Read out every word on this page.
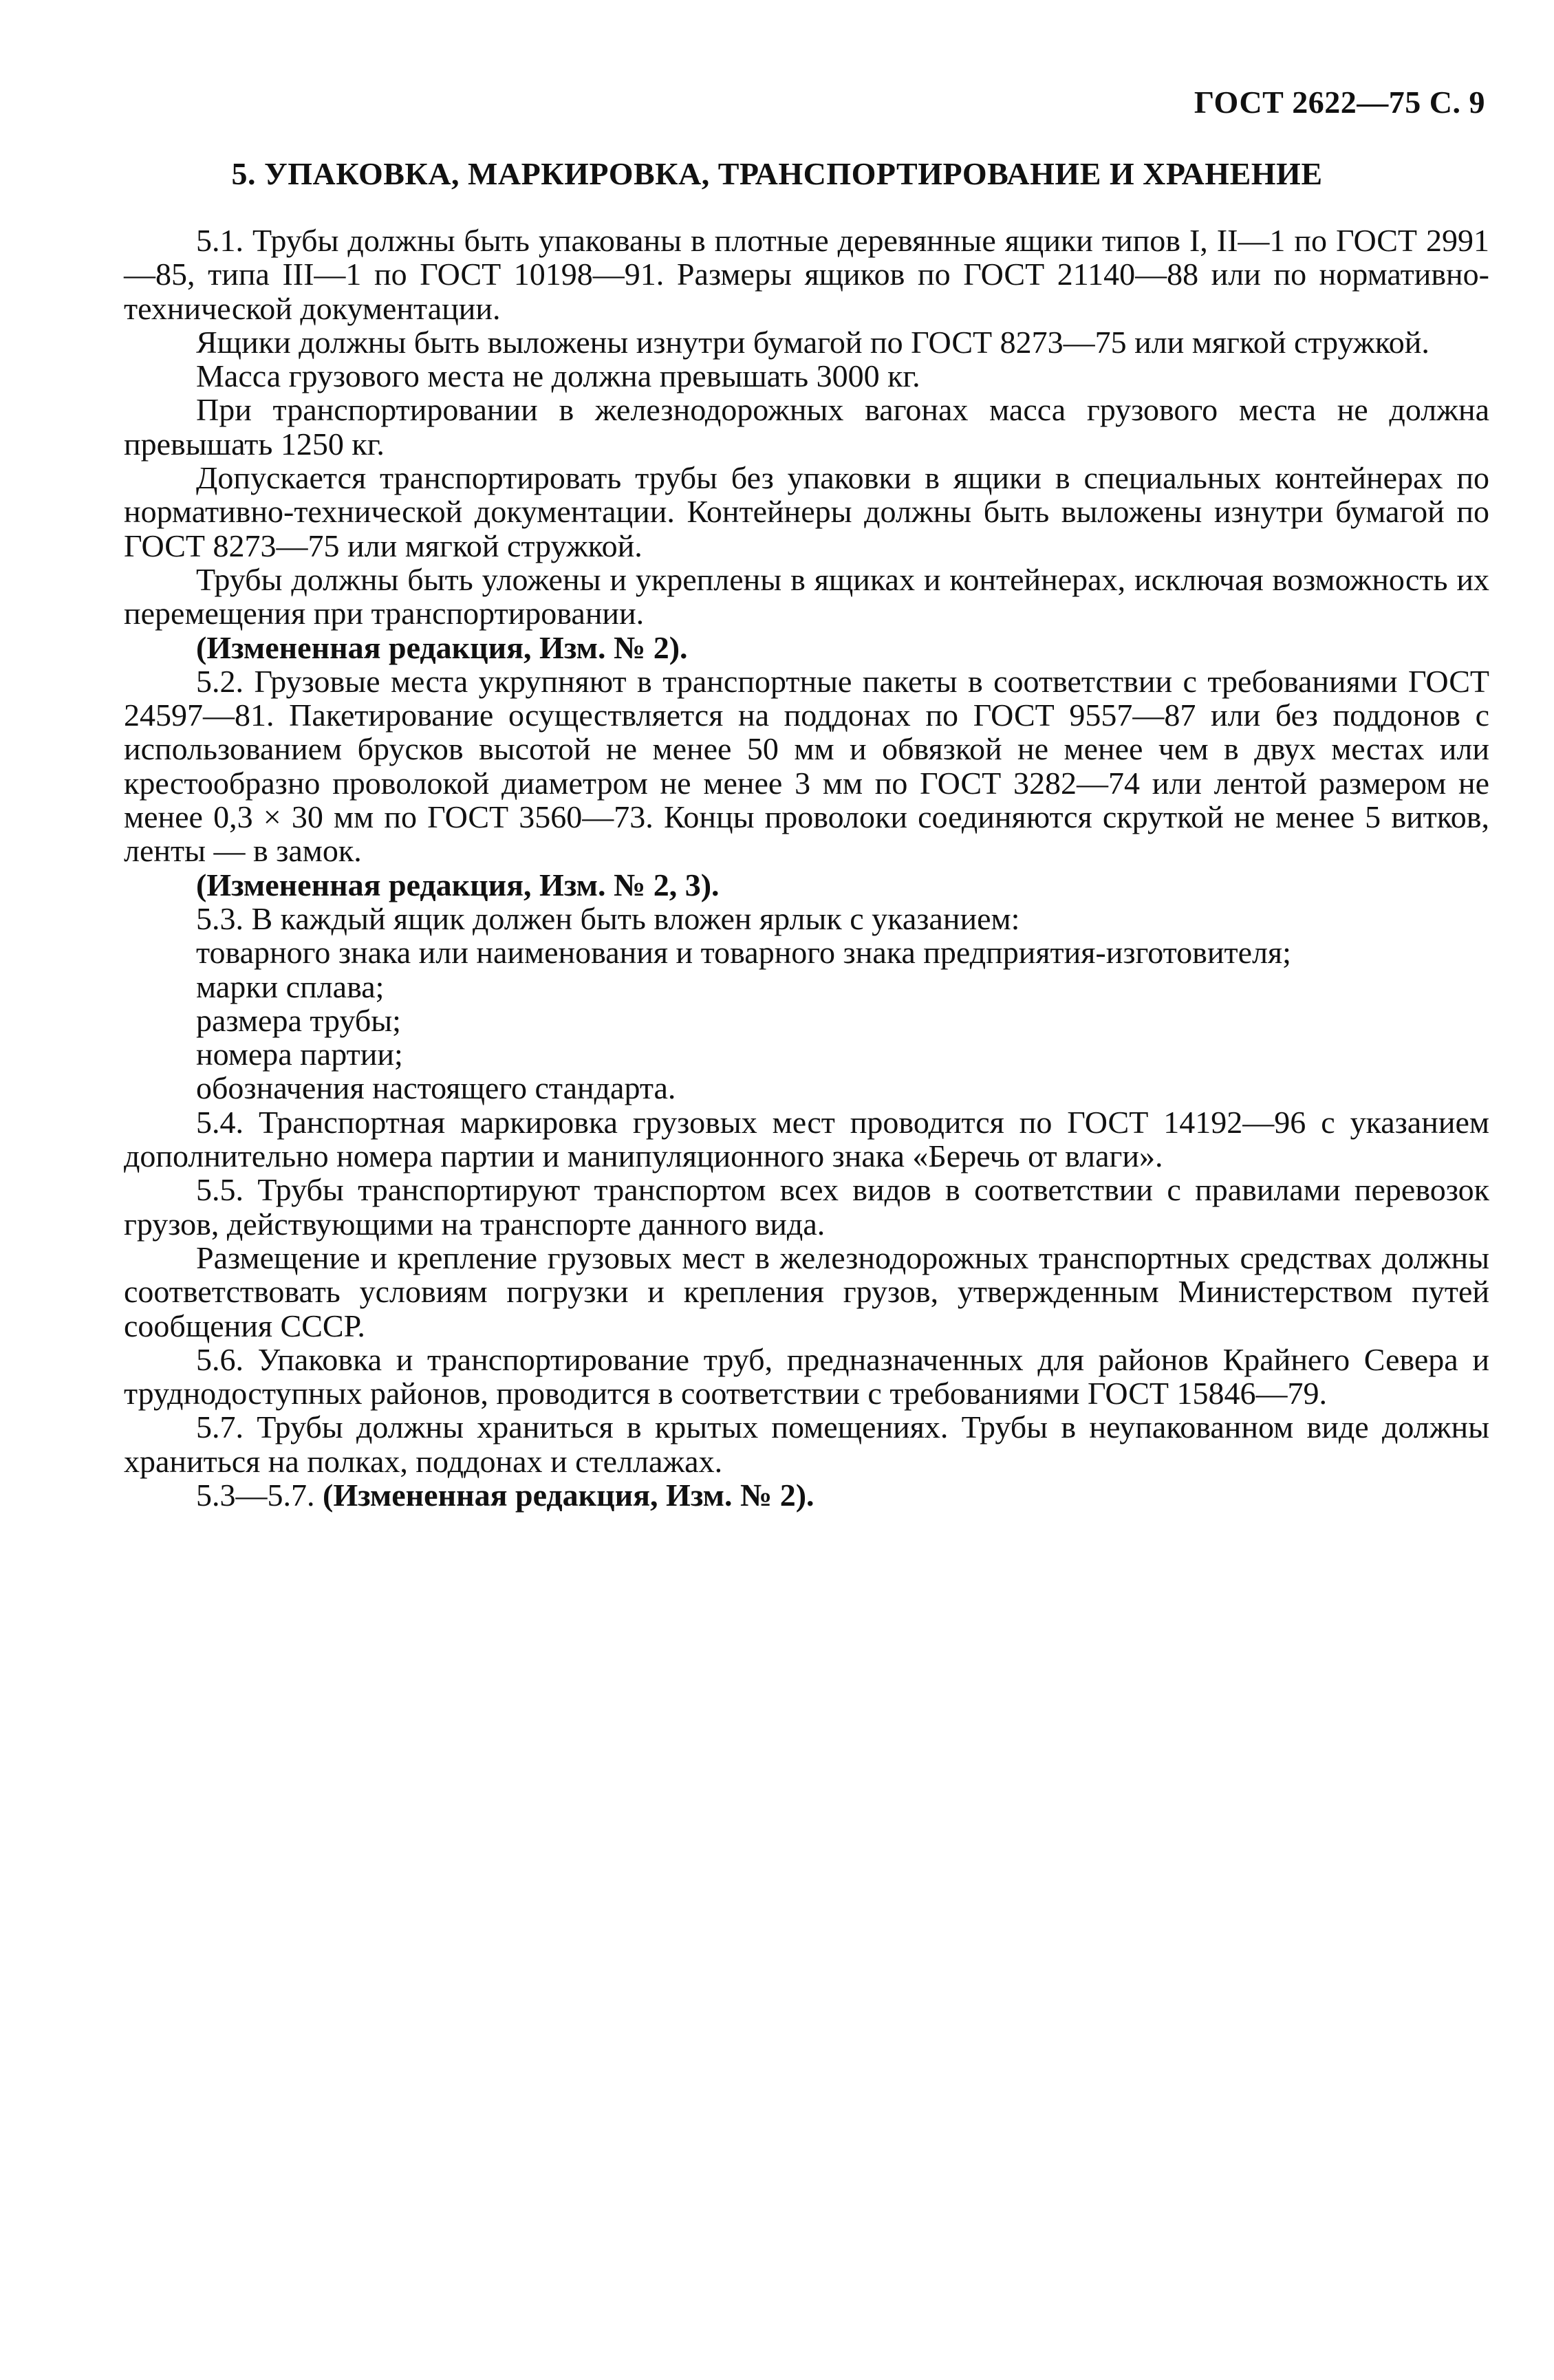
ГОСТ 2622—75 С. 9
5. УПАКОВКА, МАРКИРОВКА, ТРАНСПОРТИРОВАНИЕ И ХРАНЕНИЕ

5.1. Трубы должны быть упакованы в плотные деревянные ящики типов I, II—1 по ГОСТ 2991—85, типа III—1 по ГОСТ 10198—91. Размеры ящиков по ГОСТ 21140—88 или по нормативно-технической документации.

Ящики должны быть выложены изнутри бумагой по ГОСТ 8273—75 или мягкой стружкой.

Масса грузового места не должна превышать 3000 кг.

При транспортировании в железнодорожных вагонах масса грузового места не должна превышать 1250 кг.

Допускается транспортировать трубы без упаковки в ящики в специальных контейнерах по нормативно-технической документации. Контейнеры должны быть выложены изнутри бумагой по ГОСТ 8273—75 или мягкой стружкой.

Трубы должны быть уложены и укреплены в ящиках и контейнерах, исключая возможность их перемещения при транспортировании.

(Измененная редакция, Изм. № 2).

5.2. Грузовые места укрупняют в транспортные пакеты в соответствии с требованиями ГОСТ 24597—81. Пакетирование осуществляется на поддонах по ГОСТ 9557—87 или без поддонов с использованием брусков высотой не менее 50 мм и обвязкой не менее чем в двух местах или крестообразно проволокой диаметром не менее 3 мм по ГОСТ 3282—74 или лентой размером не менее 0,3 × 30 мм по ГОСТ 3560—73. Концы проволоки соединяются скруткой не менее 5 витков, ленты — в замок.

(Измененная редакция, Изм. № 2, 3).

5.3. В каждый ящик должен быть вложен ярлык с указанием:

товарного знака или наименования и товарного знака предприятия-изготовителя;

марки сплава;

размера трубы;

номера партии;

обозначения настоящего стандарта.

5.4. Транспортная маркировка грузовых мест проводится по ГОСТ 14192—96 с указанием дополнительно номера партии и манипуляционного знака «Беречь от влаги».

5.5. Трубы транспортируют транспортом всех видов в соответствии с правилами перевозок грузов, действующими на транспорте данного вида.

Размещение и крепление грузовых мест в железнодорожных транспортных средствах должны соответствовать условиям погрузки и крепления грузов, утвержденным Министерством путей сообщения СССР.

5.6. Упаковка и транспортирование труб, предназначенных для районов Крайнего Севера и труднодоступных районов, проводится в соответствии с требованиями ГОСТ 15846—79.

5.7. Трубы должны храниться в крытых помещениях. Трубы в неупакованном виде должны храниться на полках, поддонах и стеллажах.

5.3—5.7. (Измененная редакция, Изм. № 2).
